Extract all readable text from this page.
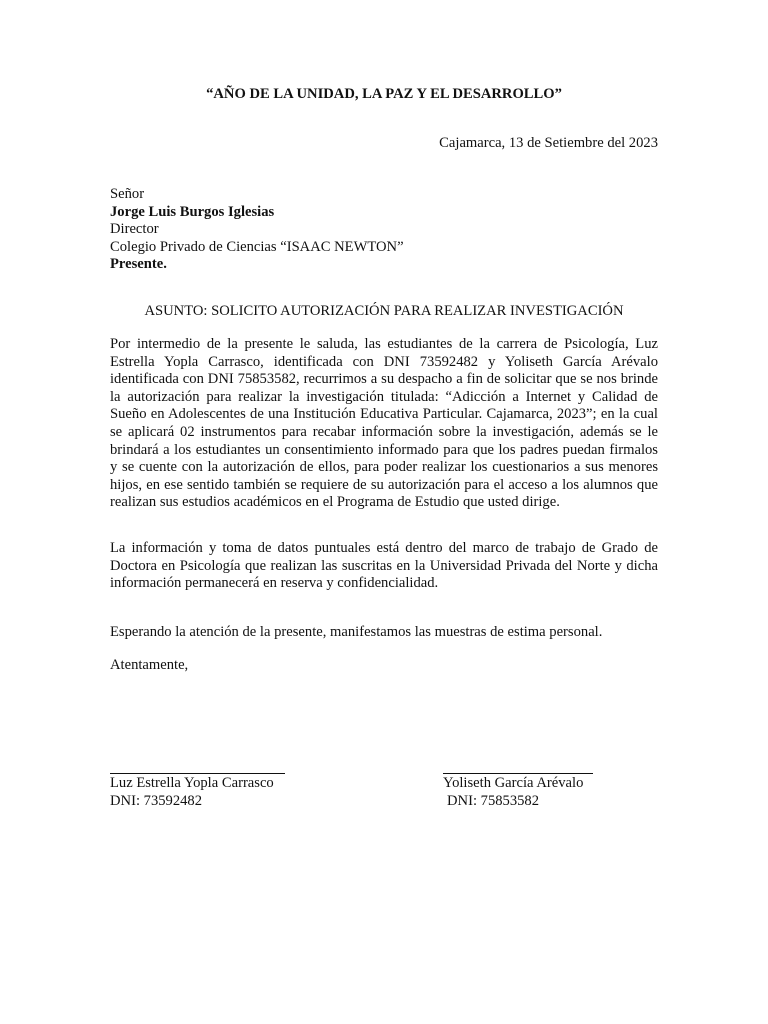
“AÑO DE LA UNIDAD, LA PAZ Y EL DESARROLLO”
Cajamarca, 13 de Setiembre del 2023
Señor
Jorge Luis Burgos Iglesias
Director
Colegio Privado de Ciencias “ISAAC NEWTON”
Presente.
ASUNTO: SOLICITO AUTORIZACIÓN PARA REALIZAR INVESTIGACIÓN

Por intermedio de la presente le saluda, las estudiantes de la carrera de Psicología, Luz Estrella Yopla Carrasco, identificada con DNI 73592482 y Yoliseth García Arévalo identificada con DNI 75853582, recurrimos a su despacho a fin de solicitar que se nos brinde la autorización para realizar la investigación titulada: “Adicción a Internet y Calidad de Sueño en Adolescentes de una Institución Educativa Particular. Cajamarca, 2023”; en la cual se aplicará 02 instrumentos para recabar información sobre la investigación, además se le brindará a los estudiantes un consentimiento informado para que los padres puedan firmalos y se cuente con la autorización de ellos, para poder realizar los cuestionarios a sus menores hijos, en ese sentido también se requiere de su autorización para el acceso a los alumnos que realizan sus estudios académicos en el Programa de Estudio que usted dirige.

La información y toma de datos puntuales está dentro del marco de trabajo de Grado de Doctora en Psicología que realizan las suscritas en la Universidad Privada del Norte y dicha información permanecerá en reserva y confidencialidad.

Esperando la atención de la presente, manifestamos las muestras de estima personal.

Atentamente,

Luz Estrella Yopla Carrasco
DNI: 73592482
Yoliseth García Arévalo
DNI: 75853582
